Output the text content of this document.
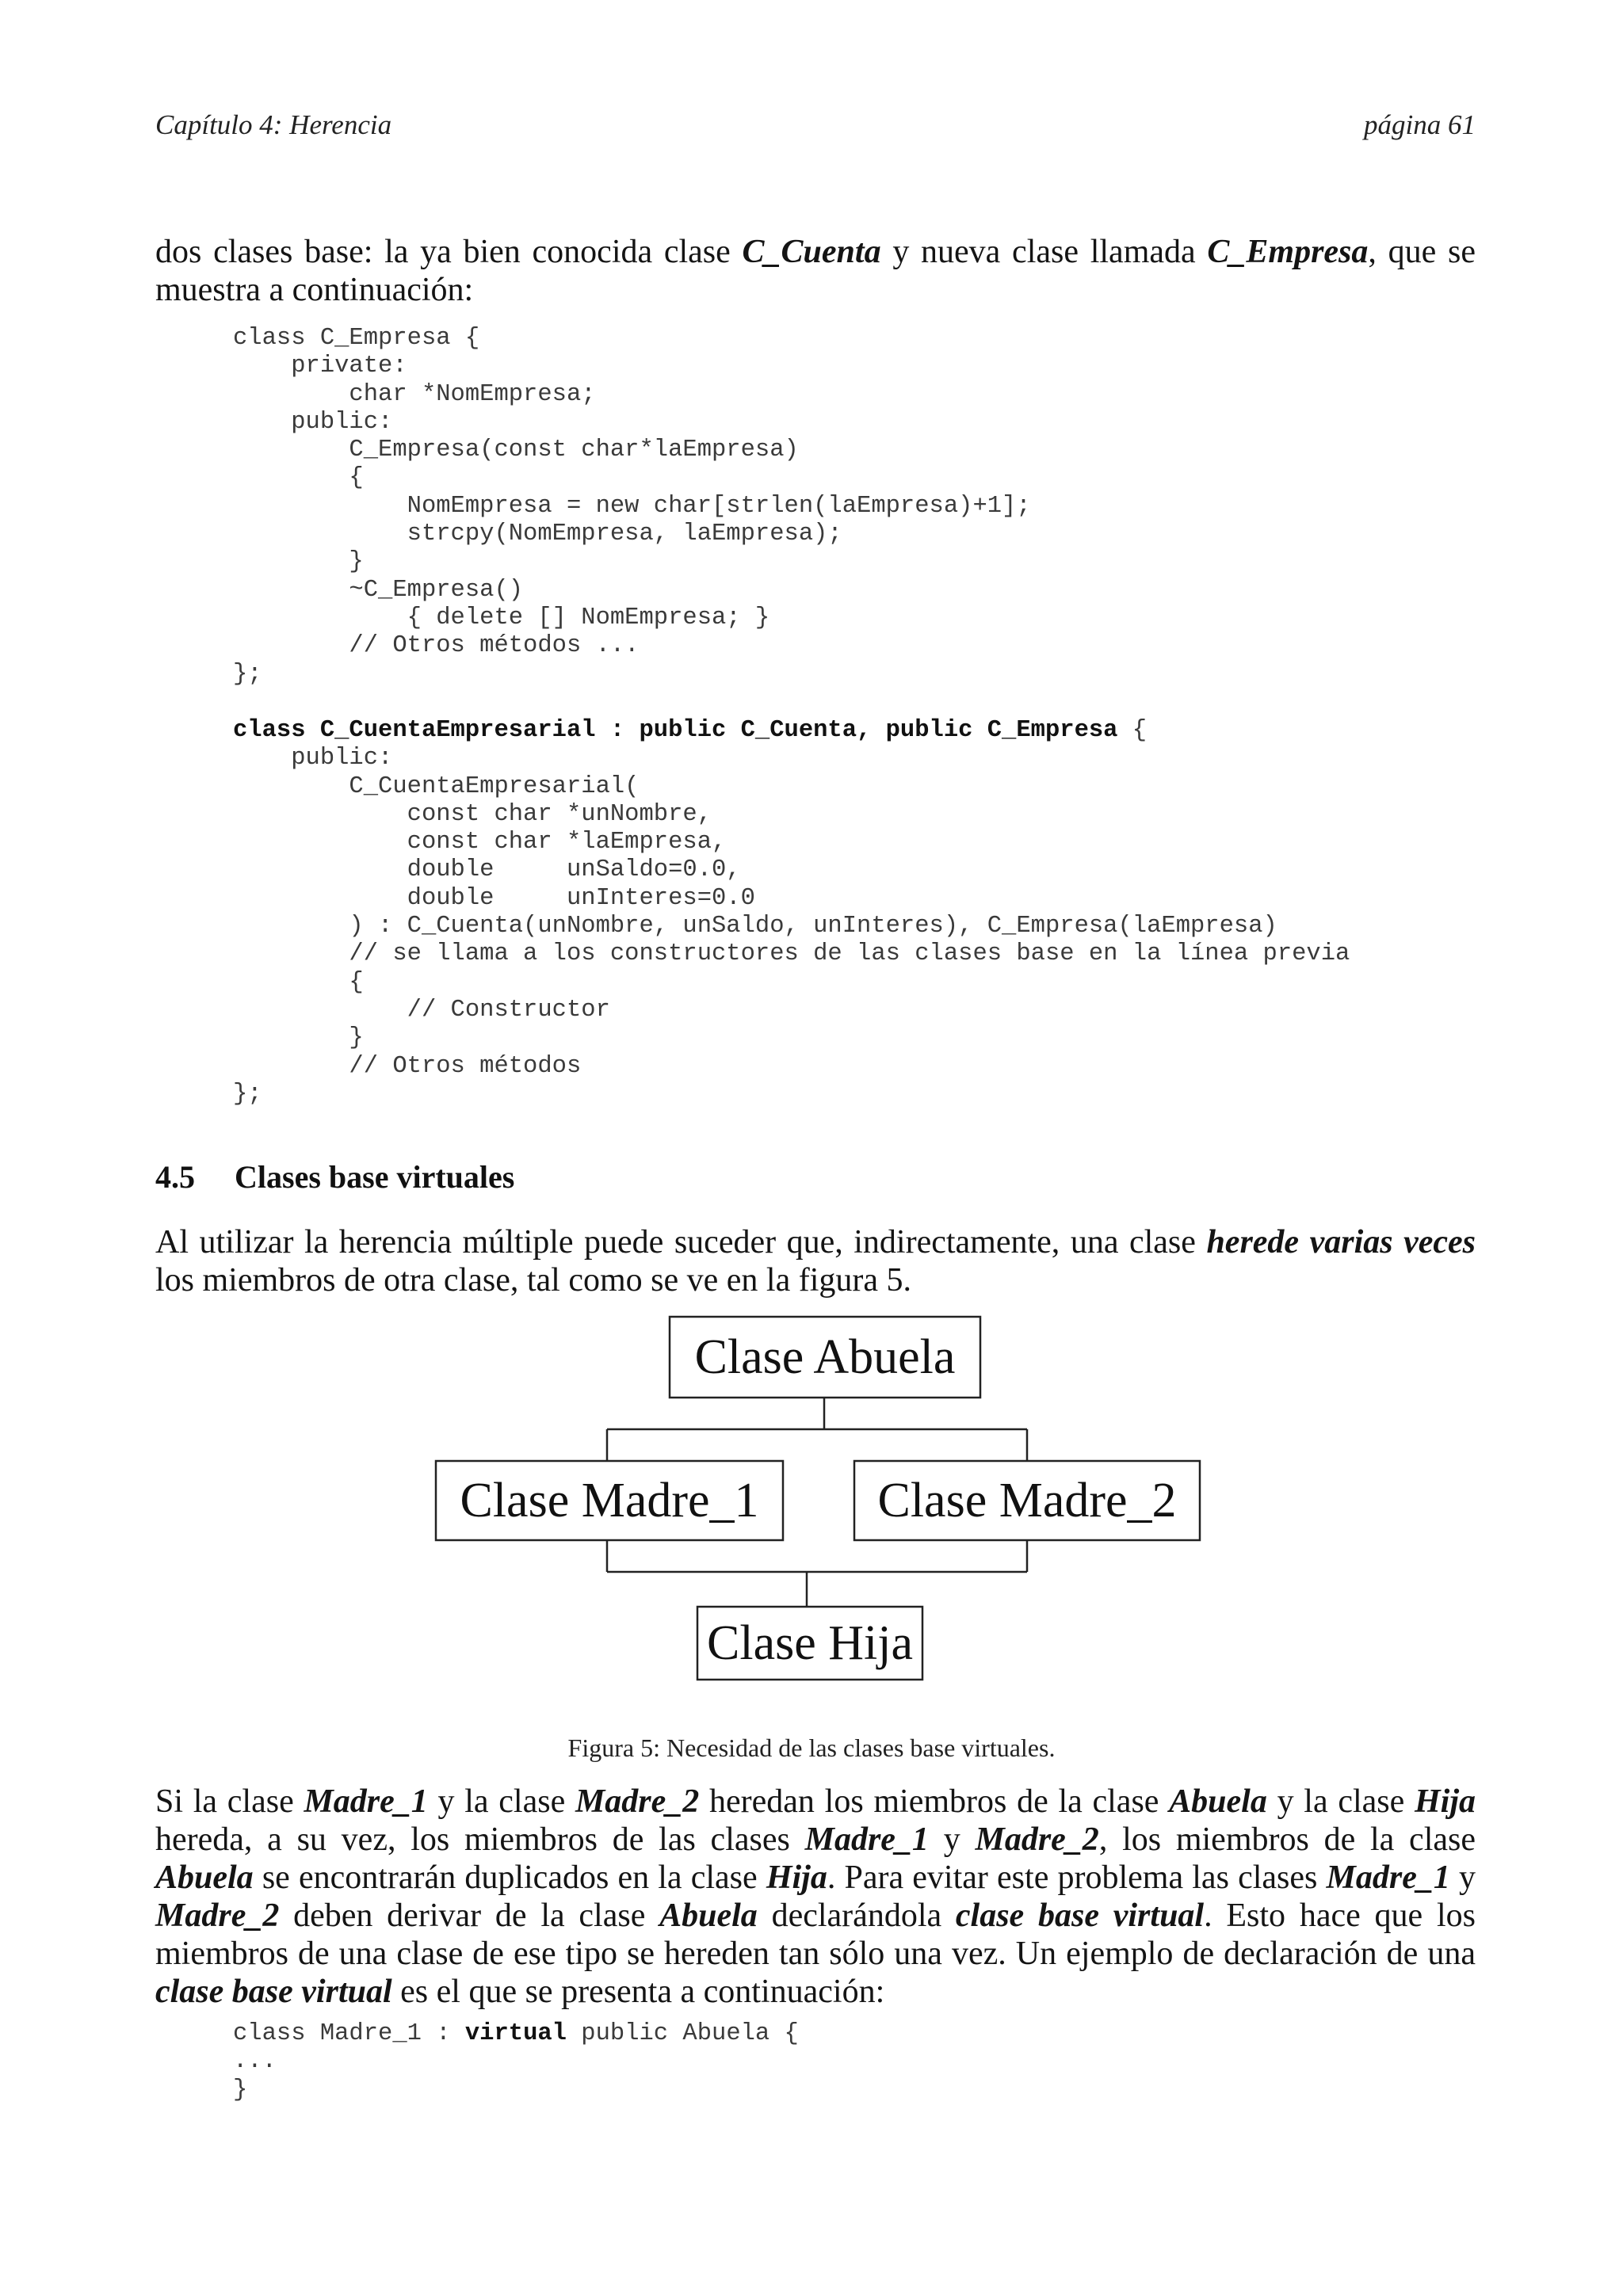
Capítulo 4: Herencia	página 61
dos clases base: la ya bien conocida clase C_Cuenta y nueva clase llamada C_Empresa, que se muestra a continuación:
class C_Empresa {
private:
char *NomEmpresa;
public:
C_Empresa(const char*laEmpresa)
{
NomEmpresa = new char[strlen(laEmpresa)+1];
strcpy(NomEmpresa, laEmpresa);
}
~C_Empresa()
{ delete [] NomEmpresa; }
// Otros métodos ...
};
class C_CuentaEmpresarial : public C_Cuenta, public C_Empresa {
public:
C_CuentaEmpresarial(
const char *unNombre,
const char *laEmpresa,
double     unSaldo=0.0,
double     unInteres=0.0
) : C_Cuenta(unNombre, unSaldo, unInteres), C_Empresa(laEmpresa)
// se llama a los constructores de las clases base en la línea previa
{
// Constructor
}
// Otros métodos
};
4.5 Clases base virtuales
Al utilizar la herencia múltiple puede suceder que, indirectamente, una clase herede varias veces los miembros de otra clase, tal como se ve en la figura 5.
Clase Abuela
Clase Madre_1 Clase Madre_2
Clase Hija
Figura 5: Necesidad de las clases base virtuales.
Si la clase Madre_1 y la clase Madre_2 heredan los miembros de la clase Abuela y la clase Hija hereda, a su vez, los miembros de las clases Madre_1 y Madre_2, los miembros de la clase Abuela se encontrarán duplicados en la clase Hija. Para evitar este problema las clases Madre_1 y Madre_2 deben derivar de la clase Abuela declarándola clase base virtual. Esto hace que los miembros de una clase de ese tipo se hereden tan sólo una vez. Un ejemplo de declaración de una clase base virtual es el que se presenta a continuación:
class Madre_1 : virtual public Abuela {
...
}
